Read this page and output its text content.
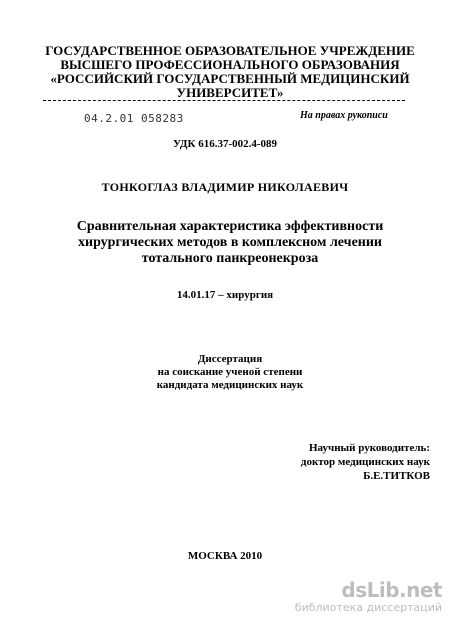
ГОСУДАРСТВЕННОЕ ОБРАЗОВАТЕЛЬНОЕ УЧРЕЖДЕНИЕ
ВЫСШЕГО ПРОФЕССИОНАЛЬНОГО ОБРАЗОВАНИЯ
«РОССИЙСКИЙ ГОСУДАРСТВЕННЫЙ МЕДИЦИНСКИЙ
УНИВЕРСИТЕТ»
04.2.01 058283	На правах рукописи
УДК 616.37-002.4-089
ТОНКОГЛАЗ ВЛАДИМИР НИКОЛАЕВИЧ
Сравнительная характеристика эффективности
хирургических методов в комплексном лечении
тотального панкреонекроза
14.01.17 – хирургия
Диссертация
на соискание ученой степени
кандидата медицинских наук
Научный руководитель:
доктор медицинских наук
Б.Е.ТИТКОВ
МОСКВА 2010
dsLib.net
библиотека диссертаций
